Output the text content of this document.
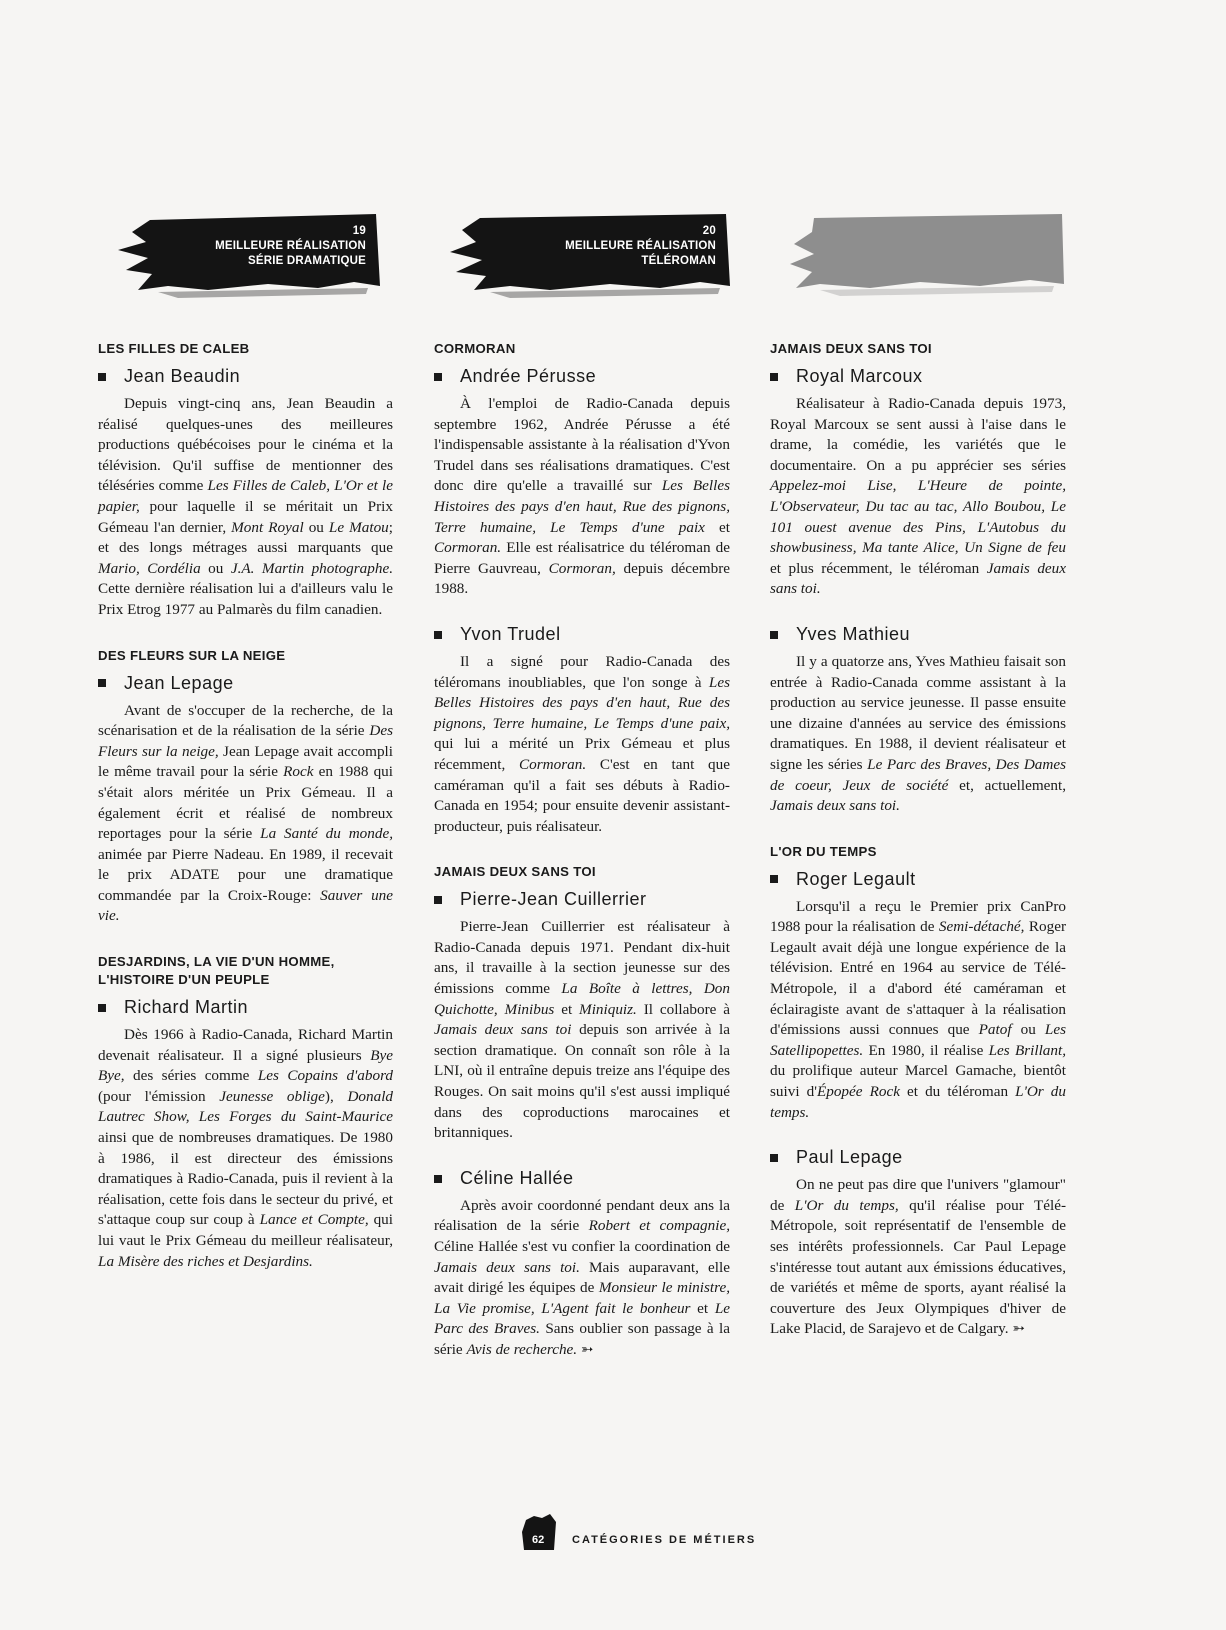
19
MEILLEURE RÉALISATION
SÉRIE DRAMATIQUE
20
MEILLEURE RÉALISATION
TÉLÉROMAN

LES FILLES DE CALEB

Jean Beaudin

Depuis vingt-cinq ans, Jean Beaudin a réalisé quelques-unes des meilleures productions québécoises pour le cinéma et la télévision. Qu'il suffise de mentionner des téléséries comme Les Filles de Caleb, L'Or et le papier, pour laquelle il se méritait un Prix Gémeau l'an dernier, Mont Royal ou Le Matou; et des longs métrages aussi marquants que Mario, Cordélia ou J.A. Martin photographe. Cette dernière réalisation lui a d'ailleurs valu le Prix Etrog 1977 au Palmarès du film canadien.

DES FLEURS SUR LA NEIGE

Jean Lepage

Avant de s'occuper de la recherche, de la scénarisation et de la réalisation de la série Des Fleurs sur la neige, Jean Lepage avait accompli le même travail pour la série Rock en 1988 qui s'était alors méritée un Prix Gémeau. Il a également écrit et réalisé de nombreux reportages pour la série La Santé du monde, animée par Pierre Nadeau. En 1989, il recevait le prix ADATE pour une dramatique commandée par la Croix-Rouge: Sauver une vie.

DESJARDINS, LA VIE D'UN HOMME,

L'HISTOIRE D'UN PEUPLE

Richard Martin

Dès 1966 à Radio-Canada, Richard Martin devenait réalisateur. Il a signé plusieurs Bye Bye, des séries comme Les Copains d'abord (pour l'émission Jeunesse oblige), Donald Lautrec Show, Les Forges du Saint-Maurice ainsi que de nombreuses dramatiques. De 1980 à 1986, il est directeur des émissions dramatiques à Radio-Canada, puis il revient à la réalisation, cette fois dans le secteur du privé, et s'attaque coup sur coup à Lance et Compte, qui lui vaut le Prix Gémeau du meilleur réalisateur, La Misère des riches et Desjardins.

CORMORAN

Andrée Pérusse

À l'emploi de Radio-Canada depuis septembre 1962, Andrée Pérusse a été l'indispensable assistante à la réalisation d'Yvon Trudel dans ses réalisations dramatiques. C'est donc dire qu'elle a travaillé sur Les Belles Histoires des pays d'en haut, Rue des pignons, Terre humaine, Le Temps d'une paix et Cormoran. Elle est réalisatrice du téléroman de Pierre Gauvreau, Cormoran, depuis décembre 1988.

Yvon Trudel

Il a signé pour Radio-Canada des téléromans inoubliables, que l'on songe à Les Belles Histoires des pays d'en haut, Rue des pignons, Terre humaine, Le Temps d'une paix, qui lui a mérité un Prix Gémeau et plus récemment, Cormoran. C'est en tant que caméraman qu'il a fait ses débuts à Radio-Canada en 1954; pour ensuite devenir assistant-producteur, puis réalisateur.

JAMAIS DEUX SANS TOI

Pierre-Jean Cuillerrier

Pierre-Jean Cuillerrier est réalisateur à Radio-Canada depuis 1971. Pendant dix-huit ans, il travaille à la section jeunesse sur des émissions comme La Boîte à lettres, Don Quichotte, Minibus et Miniquiz. Il collabore à Jamais deux sans toi depuis son arrivée à la section dramatique. On connaît son rôle à la LNI, où il entraîne depuis treize ans l'équipe des Rouges. On sait moins qu'il s'est aussi impliqué dans des coproductions marocaines et britanniques.

Céline Hallée

Après avoir coordonné pendant deux ans la réalisation de la série Robert et compagnie, Céline Hallée s'est vu confier la coordination de Jamais deux sans toi. Mais auparavant, elle avait dirigé les équipes de Monsieur le ministre, La Vie promise, L'Agent fait le bonheur et Le Parc des Braves. Sans oublier son passage à la série Avis de recherche. ➳

JAMAIS DEUX SANS TOI

Royal Marcoux

Réalisateur à Radio-Canada depuis 1973, Royal Marcoux se sent aussi à l'aise dans le drame, la comédie, les variétés que le documentaire. On a pu apprécier ses séries Appelez-moi Lise, L'Heure de pointe, L'Observateur, Du tac au tac, Allo Boubou, Le 101 ouest avenue des Pins, L'Autobus du showbusiness, Ma tante Alice, Un Signe de feu et plus récemment, le téléroman Jamais deux sans toi.

Yves Mathieu

Il y a quatorze ans, Yves Mathieu faisait son entrée à Radio-Canada comme assistant à la production au service jeunesse. Il passe ensuite une dizaine d'années au service des émissions dramatiques. En 1988, il devient réalisateur et signe les séries Le Parc des Braves, Des Dames de coeur, Jeux de société et, actuellement, Jamais deux sans toi.

L'OR DU TEMPS

Roger Legault

Lorsqu'il a reçu le Premier prix CanPro 1988 pour la réalisation de Semi-détaché, Roger Legault avait déjà une longue expérience de la télévision. Entré en 1964 au service de Télé-Métropole, il a d'abord été caméraman et éclairagiste avant de s'attaquer à la réalisation d'émissions aussi connues que Patof ou Les Satellipopettes. En 1980, il réalise Les Brillant, du prolifique auteur Marcel Gamache, bientôt suivi d'Épopée Rock et du téléroman L'Or du temps.

Paul Lepage

On ne peut pas dire que l'univers "glamour" de L'Or du temps, qu'il réalise pour Télé-Métropole, soit représentatif de l'ensemble de ses intérêts professionnels. Car Paul Lepage s'intéresse tout autant aux émissions éducatives, de variétés et même de sports, ayant réalisé la couverture des Jeux Olympiques d'hiver de Lake Placid, de Sarajevo et de Calgary. ➳

62	CATÉGORIES DE MÉTIERS
